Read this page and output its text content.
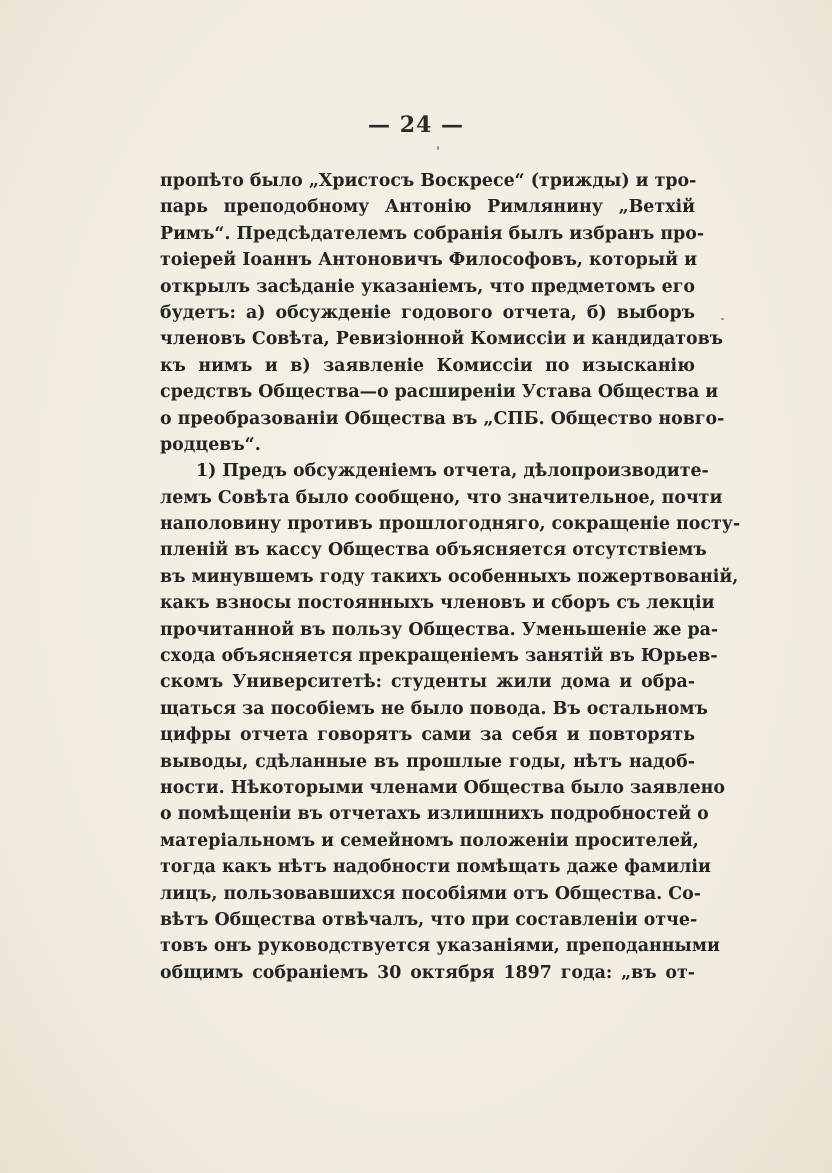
— 24 —
пропѣто было „Христосъ Воскресе“ (трижды) и тро-
парь преподобному Антонію Римлянину „Ветхій
Римъ“. Предсѣдателемъ собранія былъ избранъ про-
тоіерей Іоаннъ Антоновичъ Философовъ, который и
открылъ засѣданіе указаніемъ, что предметомъ его
будетъ: а) обсужденіе годового отчета, б) выборъ
членовъ Совѣта, Ревизіонной Комиссіи и кандидатовъ
къ нимъ и в) заявленіе Комиссіи по изысканію
средствъ Общества—о расширеніи Устава Общества и
о преобразованіи Общества въ „СПБ. Общество новго-
родцевъ“.
1) Предъ обсужденіемъ отчета, дѣлопроизводите-
лемъ Совѣта было сообщено, что значительное, почти
наполовину противъ прошлогодняго, сокращеніе посту-
пленій въ кассу Общества объясняется отсутствіемъ
въ минувшемъ году такихъ особенныхъ пожертвованій,
какъ взносы постоянныхъ членовъ и сборъ съ лекціи
прочитанной въ пользу Общества. Уменьшеніе же ра-
схода объясняется прекращеніемъ занятій въ Юрьев-
скомъ Университетѣ: студенты жили дома и обра-
щаться за пособіемъ не было повода. Въ остальномъ
цифры отчета говорятъ сами за себя и повторять
выводы, сдѣланные въ прошлые годы, нѣтъ надоб-
ности. Нѣкоторыми членами Общества было заявлено
о помѣщеніи въ отчетахъ излишнихъ подробностей о
матеріальномъ и семейномъ положеніи просителей,
тогда какъ нѣтъ надобности помѣщать даже фамиліи
лицъ, пользовавшихся пособіями отъ Общества. Со-
вѣтъ Общества отвѣчалъ, что при составленіи отче-
товъ онъ руководствуется указаніями, преподанными
общимъ собраніемъ 30 октября 1897 года: „въ от-
